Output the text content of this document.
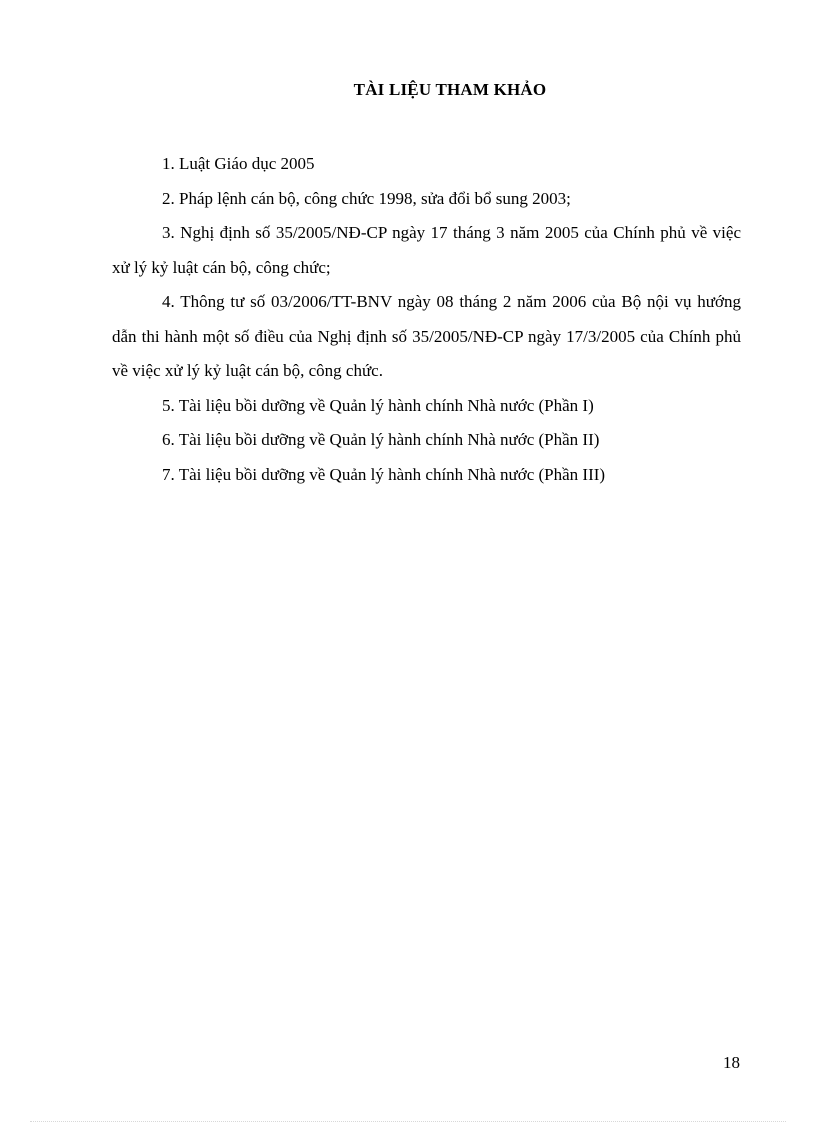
TÀI LIỆU THAM KHẢO

1. Luật Giáo dục 2005

2. Pháp lệnh cán bộ, công chức 1998, sửa đổi bổ sung 2003;

3. Nghị định số 35/2005/NĐ-CP ngày 17 tháng 3 năm 2005 của Chính phủ về việc xử lý kỷ luật cán bộ, công chức;

4. Thông tư số 03/2006/TT-BNV ngày 08 tháng 2 năm 2006 của Bộ nội vụ hướng dẫn thi hành một số điều của Nghị định số 35/2005/NĐ-CP ngày 17/3/2005 của Chính phủ về việc xử lý kỷ luật cán bộ, công chức.

5. Tài liệu bồi dưỡng về Quản lý hành chính Nhà nước (Phần I)

6. Tài liệu bồi dưỡng về Quản lý hành chính Nhà nước (Phần II)

7. Tài liệu bồi dưỡng về Quản lý hành chính Nhà nước (Phần III)

18
